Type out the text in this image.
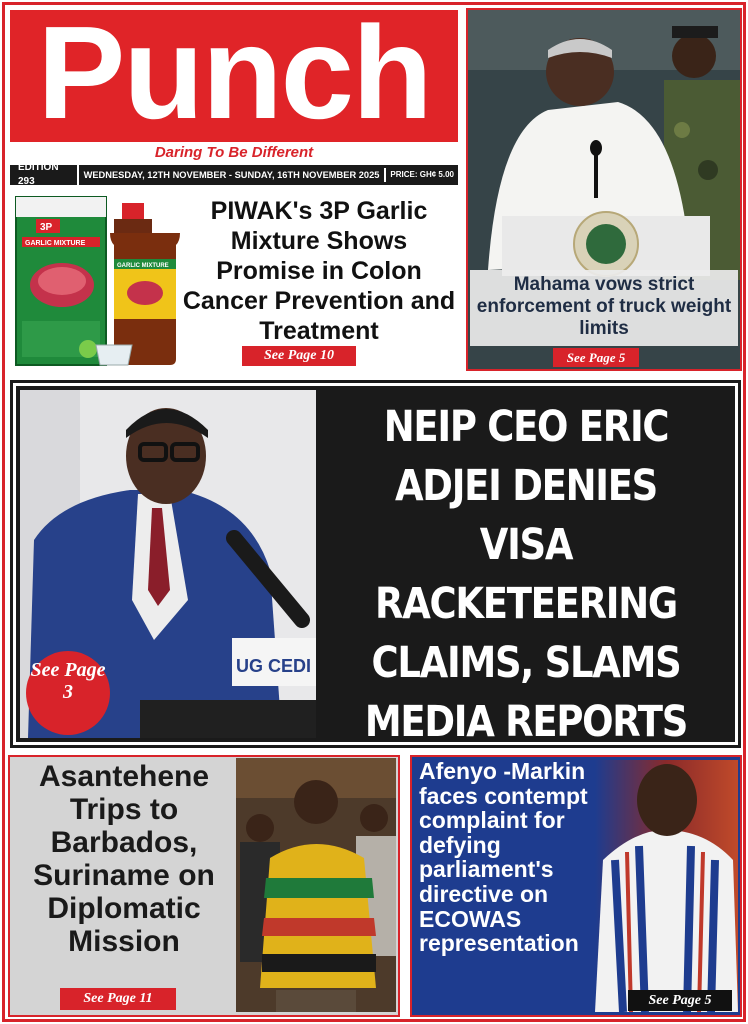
Punch
Daring To Be Different
EDITION 293
WEDNESDAY, 12TH NOVEMBER - SUNDAY, 16TH NOVEMBER 2025	PRICE: GH¢ 5.00
3P
GARLIC MIXTURE
GARLIC MIXTURE
PIWAK's 3P Garlic Mixture Shows Promise in Colon Cancer Prevention and Treatment
See Page 10
Mahama vows strict enforcement of truck weight limits
See Page 5
UG CEDI
NEIP CEO ERIC ADJEI DENIES VISA RACKETEERING CLAIMS, SLAMS MEDIA REPORTS
See Page 3
Asantehene Trips to Barbados, Suriname on Diplomatic Mission
See Page 11
Afenyo -Markin faces contempt complaint for defying parliament's directive on ECOWAS representation
See Page 5
